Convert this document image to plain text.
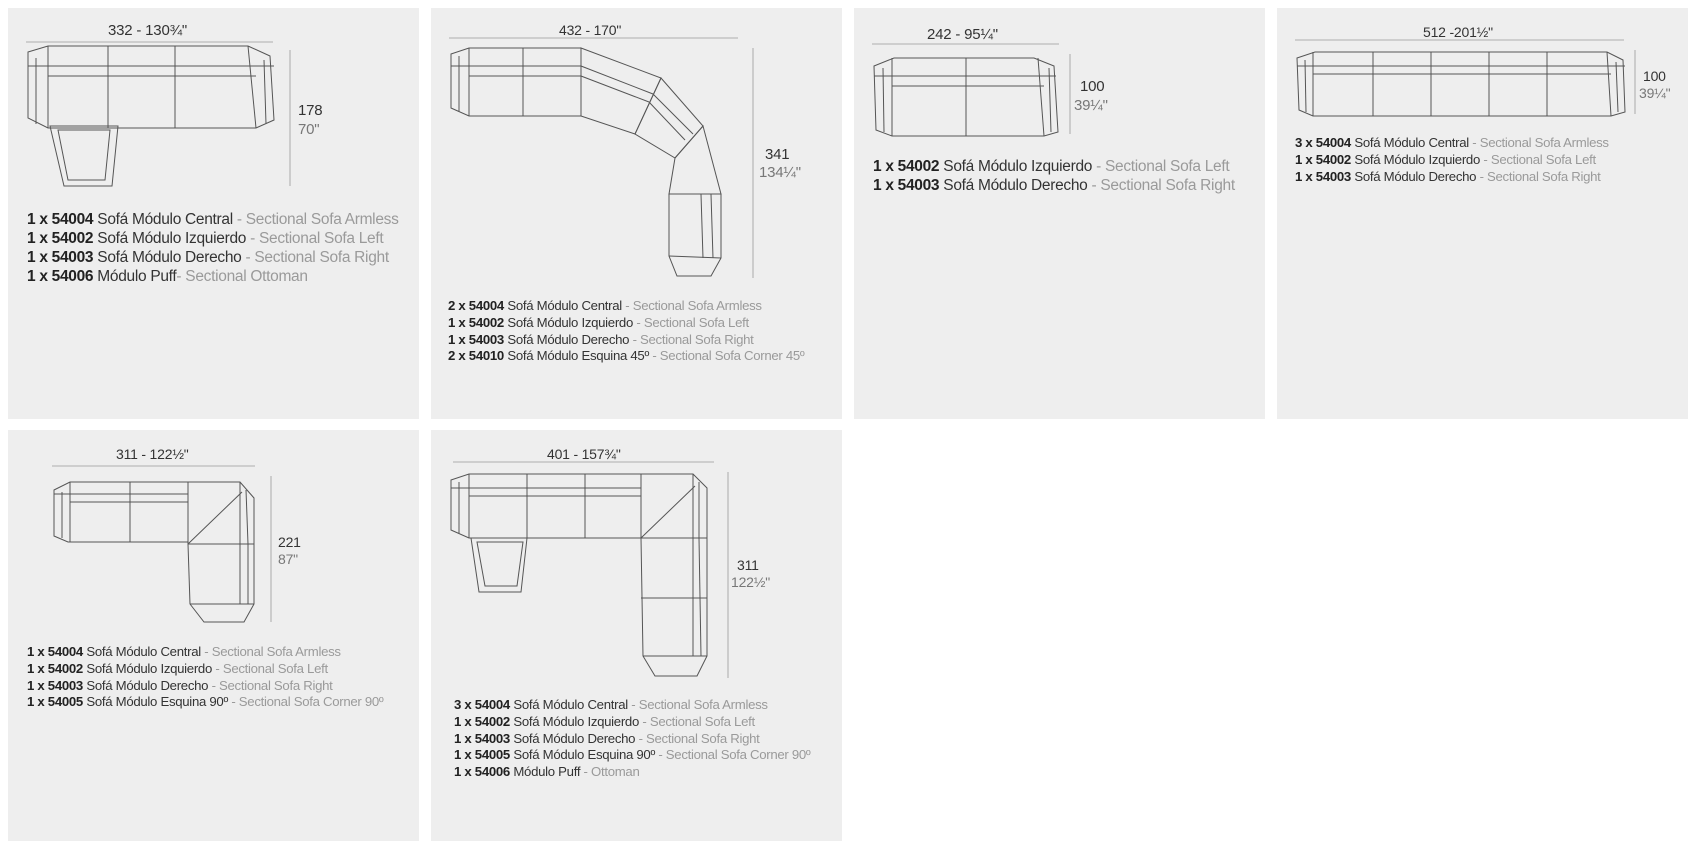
332 - 130¾"
178
70"
1 x 54004 Sofá Módulo Central - Sectional Sofa Armless
1 x 54002 Sofá Módulo Izquierdo - Sectional Sofa Left
1 x 54003 Sofá Módulo Derecho - Sectional Sofa Right
1 x 54006 Módulo Puff- Sectional Ottoman
432 - 170"
341
134¼"
2 x 54004 Sofá Módulo Central - Sectional Sofa Armless
1 x 54002 Sofá Módulo Izquierdo - Sectional Sofa Left
1 x 54003 Sofá Módulo Derecho - Sectional Sofa Right
2 x 54010 Sofá Módulo Esquina 45º - Sectional Sofa Corner 45º
242 - 95¼"
100
39¼"
1 x 54002 Sofá Módulo Izquierdo - Sectional Sofa Left
1 x 54003 Sofá Módulo Derecho - Sectional Sofa Right
512 -201½"
100
39¼"
3 x 54004 Sofá Módulo Central - Sectional Sofa Armless
1 x 54002 Sofá Módulo Izquierdo - Sectional Sofa Left
1 x 54003 Sofá Módulo Derecho - Sectional Sofa Right
311 - 122½"
221
87"
1 x 54004 Sofá Módulo Central - Sectional Sofa Armless
1 x 54002 Sofá Módulo Izquierdo - Sectional Sofa Left
1 x 54003 Sofá Módulo Derecho - Sectional Sofa Right
1 x 54005 Sofá Módulo Esquina 90º - Sectional Sofa Corner 90º
401 - 157¾"
311
122½"
3 x 54004 Sofá Módulo Central - Sectional Sofa Armless
1 x 54002 Sofá Módulo Izquierdo - Sectional Sofa Left
1 x 54003 Sofá Módulo Derecho - Sectional Sofa Right
1 x 54005 Sofá Módulo Esquina 90º - Sectional Sofa Corner 90º
1 x 54006 Módulo Puff - Ottoman
